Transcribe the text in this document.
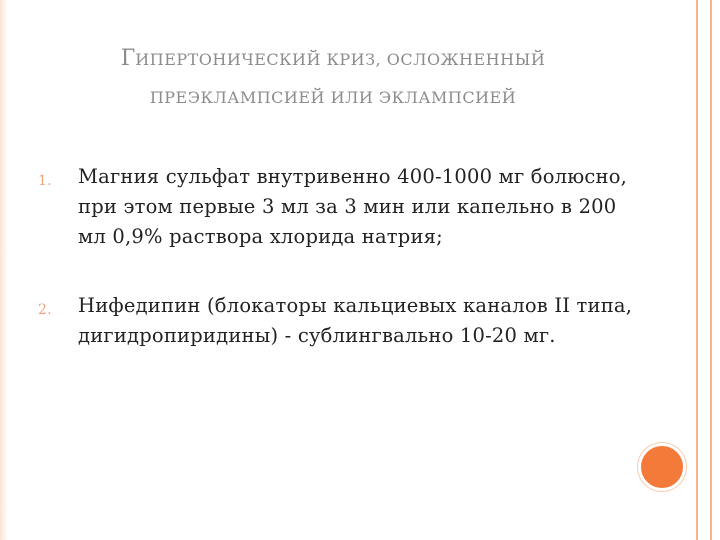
ГИПЕРТОНИЧЕСКИЙ КРИЗ, ОСЛОЖНЕННЫЙ
ПРЕЭКЛАМПСИЕЙ ИЛИ ЭКЛАМПСИЕЙ
1. Магния сульфат внутривенно 400-1000 мг болюсно, при этом первые 3 мл за 3 мин или капельно в 200 мл 0,9% раствора хлорида натрия;
2. Нифедипин (блокаторы кальциевых каналов II типа, дигидропиридины) - сублингвально 10-20 мг.
